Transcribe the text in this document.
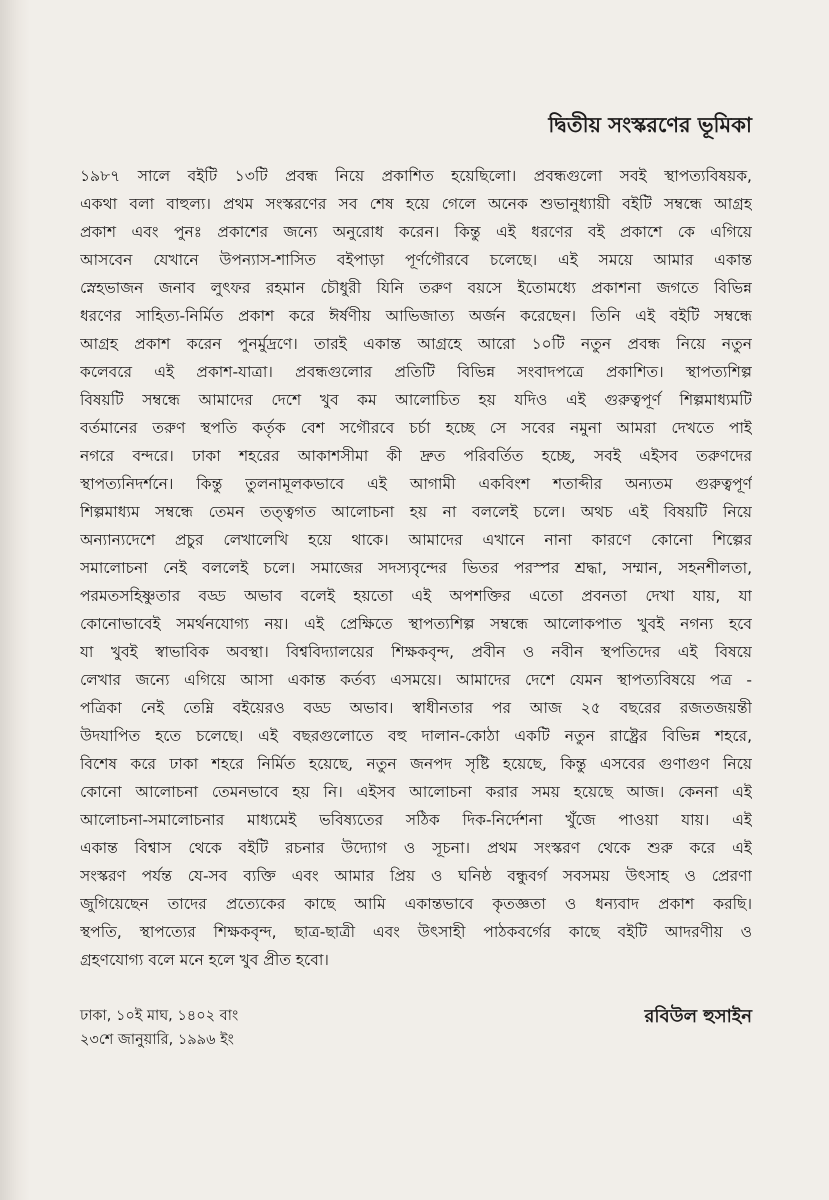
দ্বিতীয় সংস্করণের ভূমিকা
১৯৮৭ সালে বইটি ১৩টি প্রবন্ধ নিয়ে প্রকাশিত হয়েছিলো। প্রবন্ধগুলো সবই স্থাপত্যবিষয়ক,
একথা বলা বাহুল্য। প্রথম সংস্করণের সব শেষ হয়ে গেলে অনেক শুভানুধ্যায়ী বইটি সম্বন্ধে আগ্রহ
প্রকাশ এবং পুনঃ প্রকাশের জন্যে অনুরোধ করেন। কিন্তু এই ধরণের বই প্রকাশে কে এগিয়ে
আসবেন যেখানে উপন্যাস-শাসিত বইপাড়া পূর্ণগৌরবে চলেছে। এই সময়ে আমার একান্ত
স্নেহভাজন জনাব লুৎফর রহমান চৌধুরী যিনি তরুণ বয়সে ইতোমধ্যে প্রকাশনা জগতে বিভিন্ন
ধরণের সাহিত্য-নির্মিত প্রকাশ করে ঈর্ষণীয় আভিজাত্য অর্জন করেছেন। তিনি এই বইটি সম্বন্ধে
আগ্রহ প্রকাশ করেন পুনর্মুদ্রণে। তারই একান্ত আগ্রহে আরো ১০টি নতুন প্রবন্ধ নিয়ে নতুন
কলেবরে এই প্রকাশ-যাত্রা। প্রবন্ধগুলোর প্রতিটি বিভিন্ন সংবাদপত্রে প্রকাশিত। স্থাপত্যশিল্প
বিষয়টি সম্বন্ধে আমাদের দেশে খুব কম আলোচিত হয় যদিও এই গুরুত্বপূর্ণ শিল্পমাধ্যমটি
বর্তমানের তরুণ স্থপতি কর্তৃক বেশ সগৌরবে চর্চা হচ্ছে সে সবের নমুনা আমরা দেখতে পাই
নগরে বন্দরে। ঢাকা শহরের আকাশসীমা কী দ্রুত পরিবর্তিত হচ্ছে, সবই এইসব তরুণদের
স্থাপত্যনিদর্শনে। কিন্তু তুলনামূলকভাবে এই আগামী একবিংশ শতাব্দীর অন্যতম গুরুত্বপূর্ণ
শিল্পমাধ্যম সম্বন্ধে তেমন তত্ত্বগত আলোচনা হয় না বললেই চলে। অথচ এই বিষয়টি নিয়ে
অন্যান্যদেশে প্রচুর লেখালেখি হয়ে থাকে। আমাদের এখানে নানা কারণে কোনো শিল্পের
সমালোচনা নেই বললেই চলে। সমাজের সদস্যবৃন্দের ভিতর পরস্পর শ্রদ্ধা, সম্মান, সহনশীলতা,
পরমতসহিষ্ণুতার বড্ড অভাব বলেই হয়তো এই অপশক্তির এতো প্রবনতা দেখা যায়, যা
কোনোভাবেই সমর্থনযোগ্য নয়। এই প্রেক্ষিতে স্থাপত্যশিল্প সম্বন্ধে আলোকপাত খুবই নগন্য হবে
যা খুবই স্বাভাবিক অবস্থা। বিশ্ববিদ্যালয়ের শিক্ষকবৃন্দ, প্রবীন ও নবীন স্থপতিদের এই বিষয়ে
লেখার জন্যে এগিয়ে আসা একান্ত কর্তব্য এসময়ে। আমাদের দেশে যেমন স্থাপত্যবিষয়ে পত্র -
পত্রিকা নেই তেম্নি বইয়েরও বড্ড অভাব। স্বাধীনতার পর আজ ২৫ বছরের রজতজয়ন্তী
উদযাপিত হতে চলেছে। এই বছরগুলোতে বহু দালান-কোঠা একটি নতুন রাষ্ট্রের বিভিন্ন শহরে,
বিশেষ করে ঢাকা শহরে নির্মিত হয়েছে, নতুন জনপদ সৃষ্টি হয়েছে, কিন্তু এসবের গুণাগুণ নিয়ে
কোনো আলোচনা তেমনভাবে হয় নি। এইসব আলোচনা করার সময় হয়েছে আজ। কেননা এই
আলোচনা-সমালোচনার মাধ্যমেই ভবিষ্যতের সঠিক দিক-নির্দেশনা খুঁজে পাওয়া যায়। এই
একান্ত বিশ্বাস থেকে বইটি রচনার উদ্যোগ ও সূচনা। প্রথম সংস্করণ থেকে শুরু করে এই
সংস্করণ পর্যন্ত যে-সব ব্যক্তি এবং আমার প্রিয় ও ঘনিষ্ঠ বন্ধুবর্গ সবসময় উৎসাহ ও প্রেরণা
জুগিয়েছেন তাদের প্রত্যেকের কাছে আমি একান্তভাবে কৃতজ্ঞতা ও ধন্যবাদ প্রকাশ করছি।
স্থপতি, স্থাপত্যের শিক্ষকবৃন্দ, ছাত্র-ছাত্রী এবং উৎসাহী পাঠকবর্গের কাছে বইটি আদরণীয় ও
গ্রহণযোগ্য বলে মনে হলে খুব প্রীত হবো।
ঢাকা, ১০ই মাঘ, ১৪০২ বাং
২৩শে জানুয়ারি, ১৯৯৬ ইং
রবিউল হুসাইন
